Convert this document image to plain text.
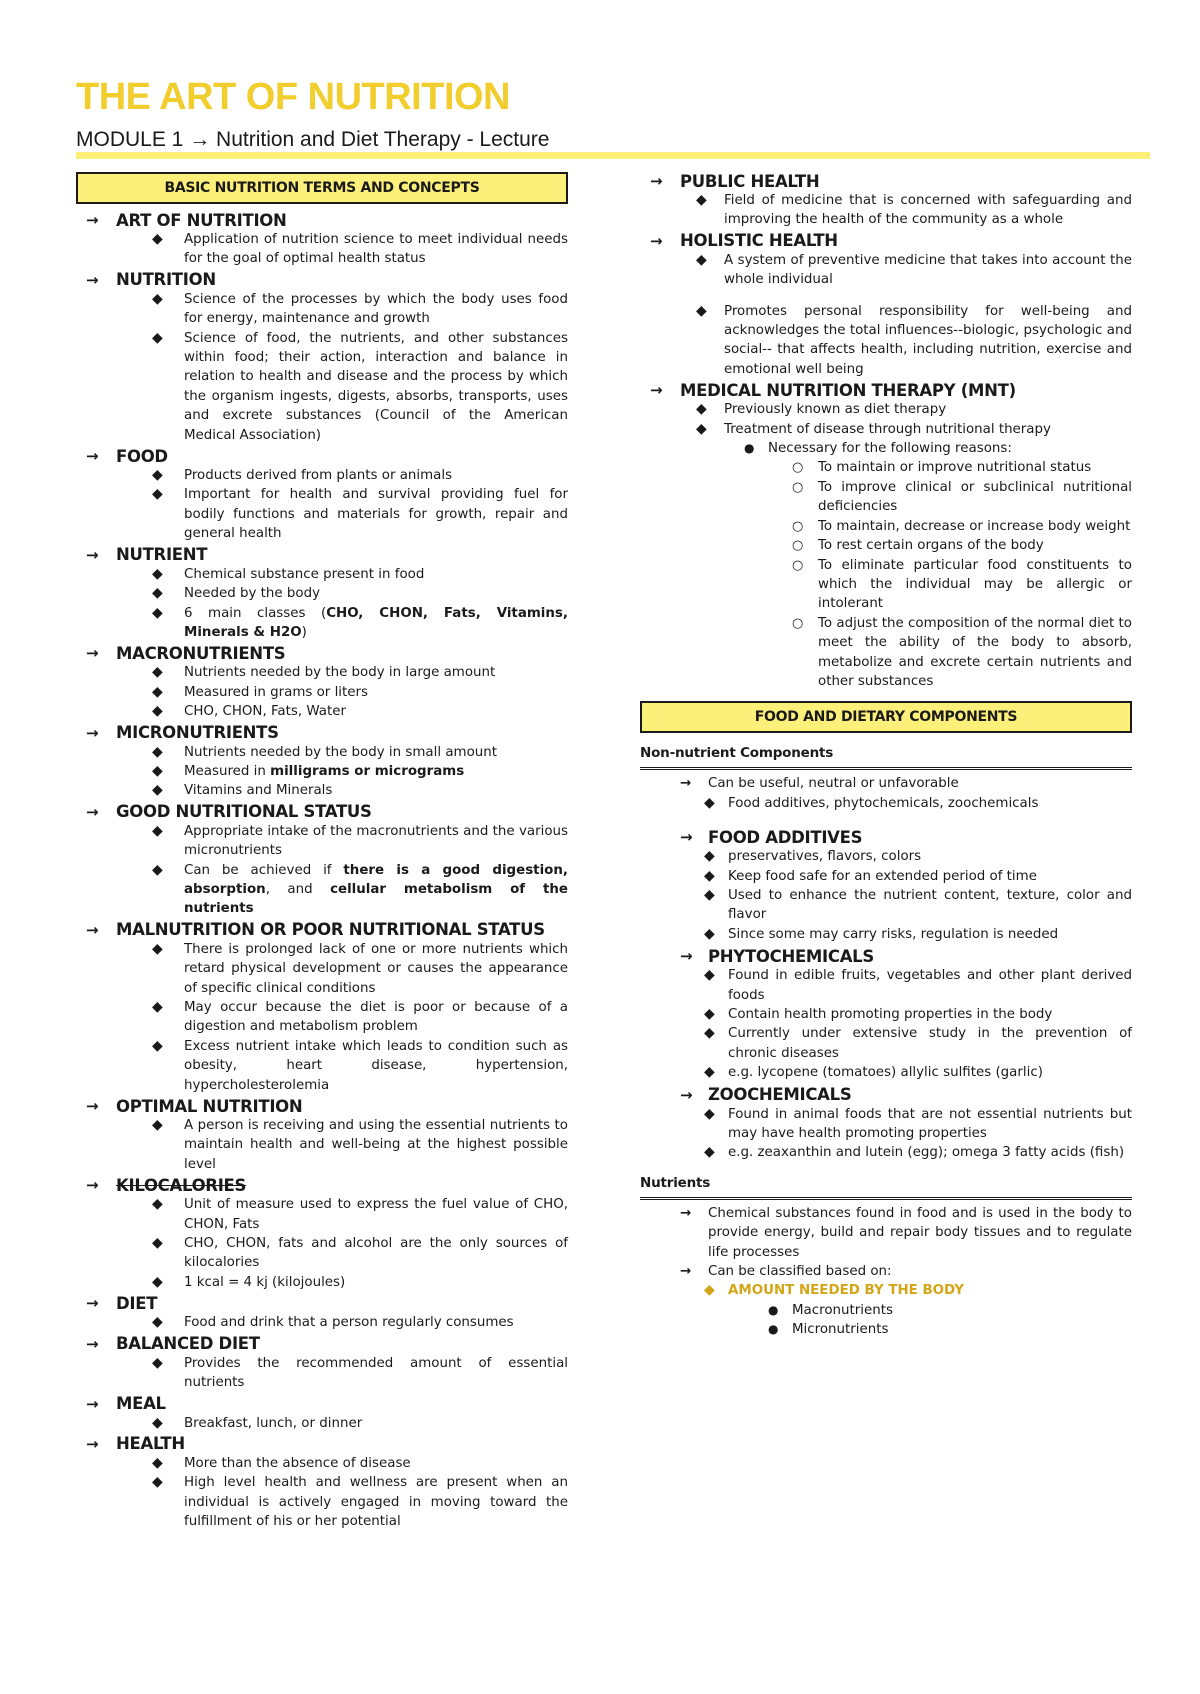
THE ART OF NUTRITION
MODULE 1 → Nutrition and Diet Therapy - Lecture
BASIC NUTRITION TERMS AND CONCEPTS
→	ART OF NUTRITION
◆ Application of nutrition science to meet individual needs for the goal of optimal health status
→	NUTRITION
◆ Science of the processes by which the body uses food for energy, maintenance and growth
◆ Science of food, the nutrients, and other substances within food; their action, interaction and balance in relation to health and disease and the process by which the organism ingests, digests, absorbs, transports, uses and excrete substances (Council of the American Medical Association)
→	FOOD
◆ Products derived from plants or animals
◆ Important for health and survival providing fuel for bodily functions and materials for growth, repair and general health
→	NUTRIENT
◆ Chemical substance present in food
◆ Needed by the body
◆ 6 main classes (CHO, CHON, Fats, Vitamins, Minerals & H2O)
→	MACRONUTRIENTS
◆ Nutrients needed by the body in large amount
◆ Measured in grams or liters
◆ CHO, CHON, Fats, Water
→	MICRONUTRIENTS
◆ Nutrients needed by the body in small amount
◆ Measured in milligrams or micrograms
◆ Vitamins and Minerals
→	GOOD NUTRITIONAL STATUS
◆ Appropriate intake of the macronutrients and the various micronutrients
◆ Can be achieved if there is a good digestion, absorption, and cellular metabolism of the nutrients
→	MALNUTRITION OR POOR NUTRITIONAL STATUS
◆ There is prolonged lack of one or more nutrients which retard physical development or causes the appearance of specific clinical conditions
◆ May occur because the diet is poor or because of a digestion and metabolism problem
◆ Excess nutrient intake which leads to condition such as obesity, heart disease, hypertension, hypercholesterolemia
→	OPTIMAL NUTRITION
◆ A person is receiving and using the essential nutrients to maintain health and well-being at the highest possible level
→	KILOCALORIES
◆ Unit of measure used to express the fuel value of CHO, CHON, Fats
◆ CHO, CHON, fats and alcohol are the only sources of kilocalories
◆ 1 kcal = 4 kj (kilojoules)
→	DIET
◆ Food and drink that a person regularly consumes
→	BALANCED DIET
◆ Provides the recommended amount of essential nutrients
→	MEAL
◆ Breakfast, lunch, or dinner
→	HEALTH
◆ More than the absence of disease
◆ High level health and wellness are present when an individual is actively engaged in moving toward the fulfillment of his or her potential
→	PUBLIC HEALTH
◆ Field of medicine that is concerned with safeguarding and improving the health of the community as a whole
→	HOLISTIC HEALTH
◆ A system of preventive medicine that takes into account the whole individual
◆ Promotes personal responsibility for well-being and acknowledges the total influences--biologic, psychologic and social-- that affects health, including nutrition, exercise and emotional well being
→	MEDICAL NUTRITION THERAPY (MNT)
◆ Previously known as diet therapy
◆ Treatment of disease through nutritional therapy
● Necessary for the following reasons:
○ To maintain or improve nutritional status
○ To improve clinical or subclinical nutritional deficiencies
○ To maintain, decrease or increase body weight
○ To rest certain organs of the body
○ To eliminate particular food constituents to which the individual may be allergic or intolerant
○ To adjust the composition of the normal diet to meet the ability of the body to absorb, metabolize and excrete certain nutrients and other substances
FOOD AND DIETARY COMPONENTS
Non-nutrient Components
→ Can be useful, neutral or unfavorable
◆ Food additives, phytochemicals, zoochemicals
→ FOOD ADDITIVES
◆ preservatives, flavors, colors
◆ Keep food safe for an extended period of time
◆ Used to enhance the nutrient content, texture, color and flavor
◆ Since some may carry risks, regulation is needed
→ PHYTOCHEMICALS
◆ Found in edible fruits, vegetables and other plant derived foods
◆ Contain health promoting properties in the body
◆ Currently under extensive study in the prevention of chronic diseases
◆ e.g. lycopene (tomatoes) allylic sulfites (garlic)
→ ZOOCHEMICALS
◆ Found in animal foods that are not essential nutrients but may have health promoting properties
◆ e.g. zeaxanthin and lutein (egg); omega 3 fatty acids (fish)
Nutrients
→ Chemical substances found in food and is used in the body to provide energy, build and repair body tissues and to regulate life processes
→ Can be classified based on:
◆ AMOUNT NEEDED BY THE BODY
● Macronutrients
● Micronutrients
